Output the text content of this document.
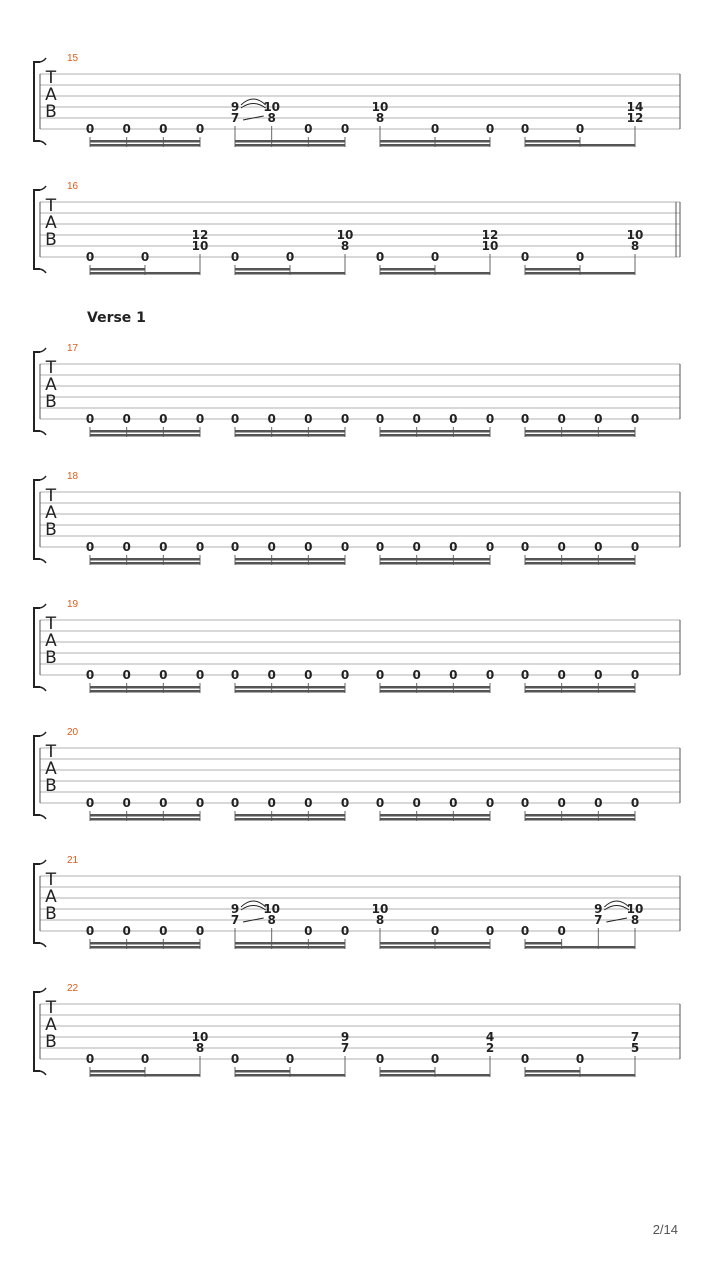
15
T
A
B
0 0 0 0
9
7
10
8
0 0
10
8
0	0 0	0
14
12
16
T
A
B
0	0
12
10
0	0
10
8
0	0
12
10
0	0
10
8
17
T
A
B
0 0 0 0 0 0 0 0 0 0 0 0 0 0 0 0
18
T
A
B
0 0 0 0 0 0 0 0 0 0 0 0 0 0 0 0
19
T
A
B
0 0 0 0 0 0 0 0 0 0 0 0 0 0 0 0
20
T
A
B
0 0 0 0 0 0 0 0 0 0 0 0 0 0 0 0
21
T
A
B
0 0 0 0
9
7
10
8
0 0
10
8
0	0 0 0
9
7
10
8
22
T
A
B
0	0
10
8
0	0
9
7
0	0
4
2
0	0
7
5
Verse 1
2/14
